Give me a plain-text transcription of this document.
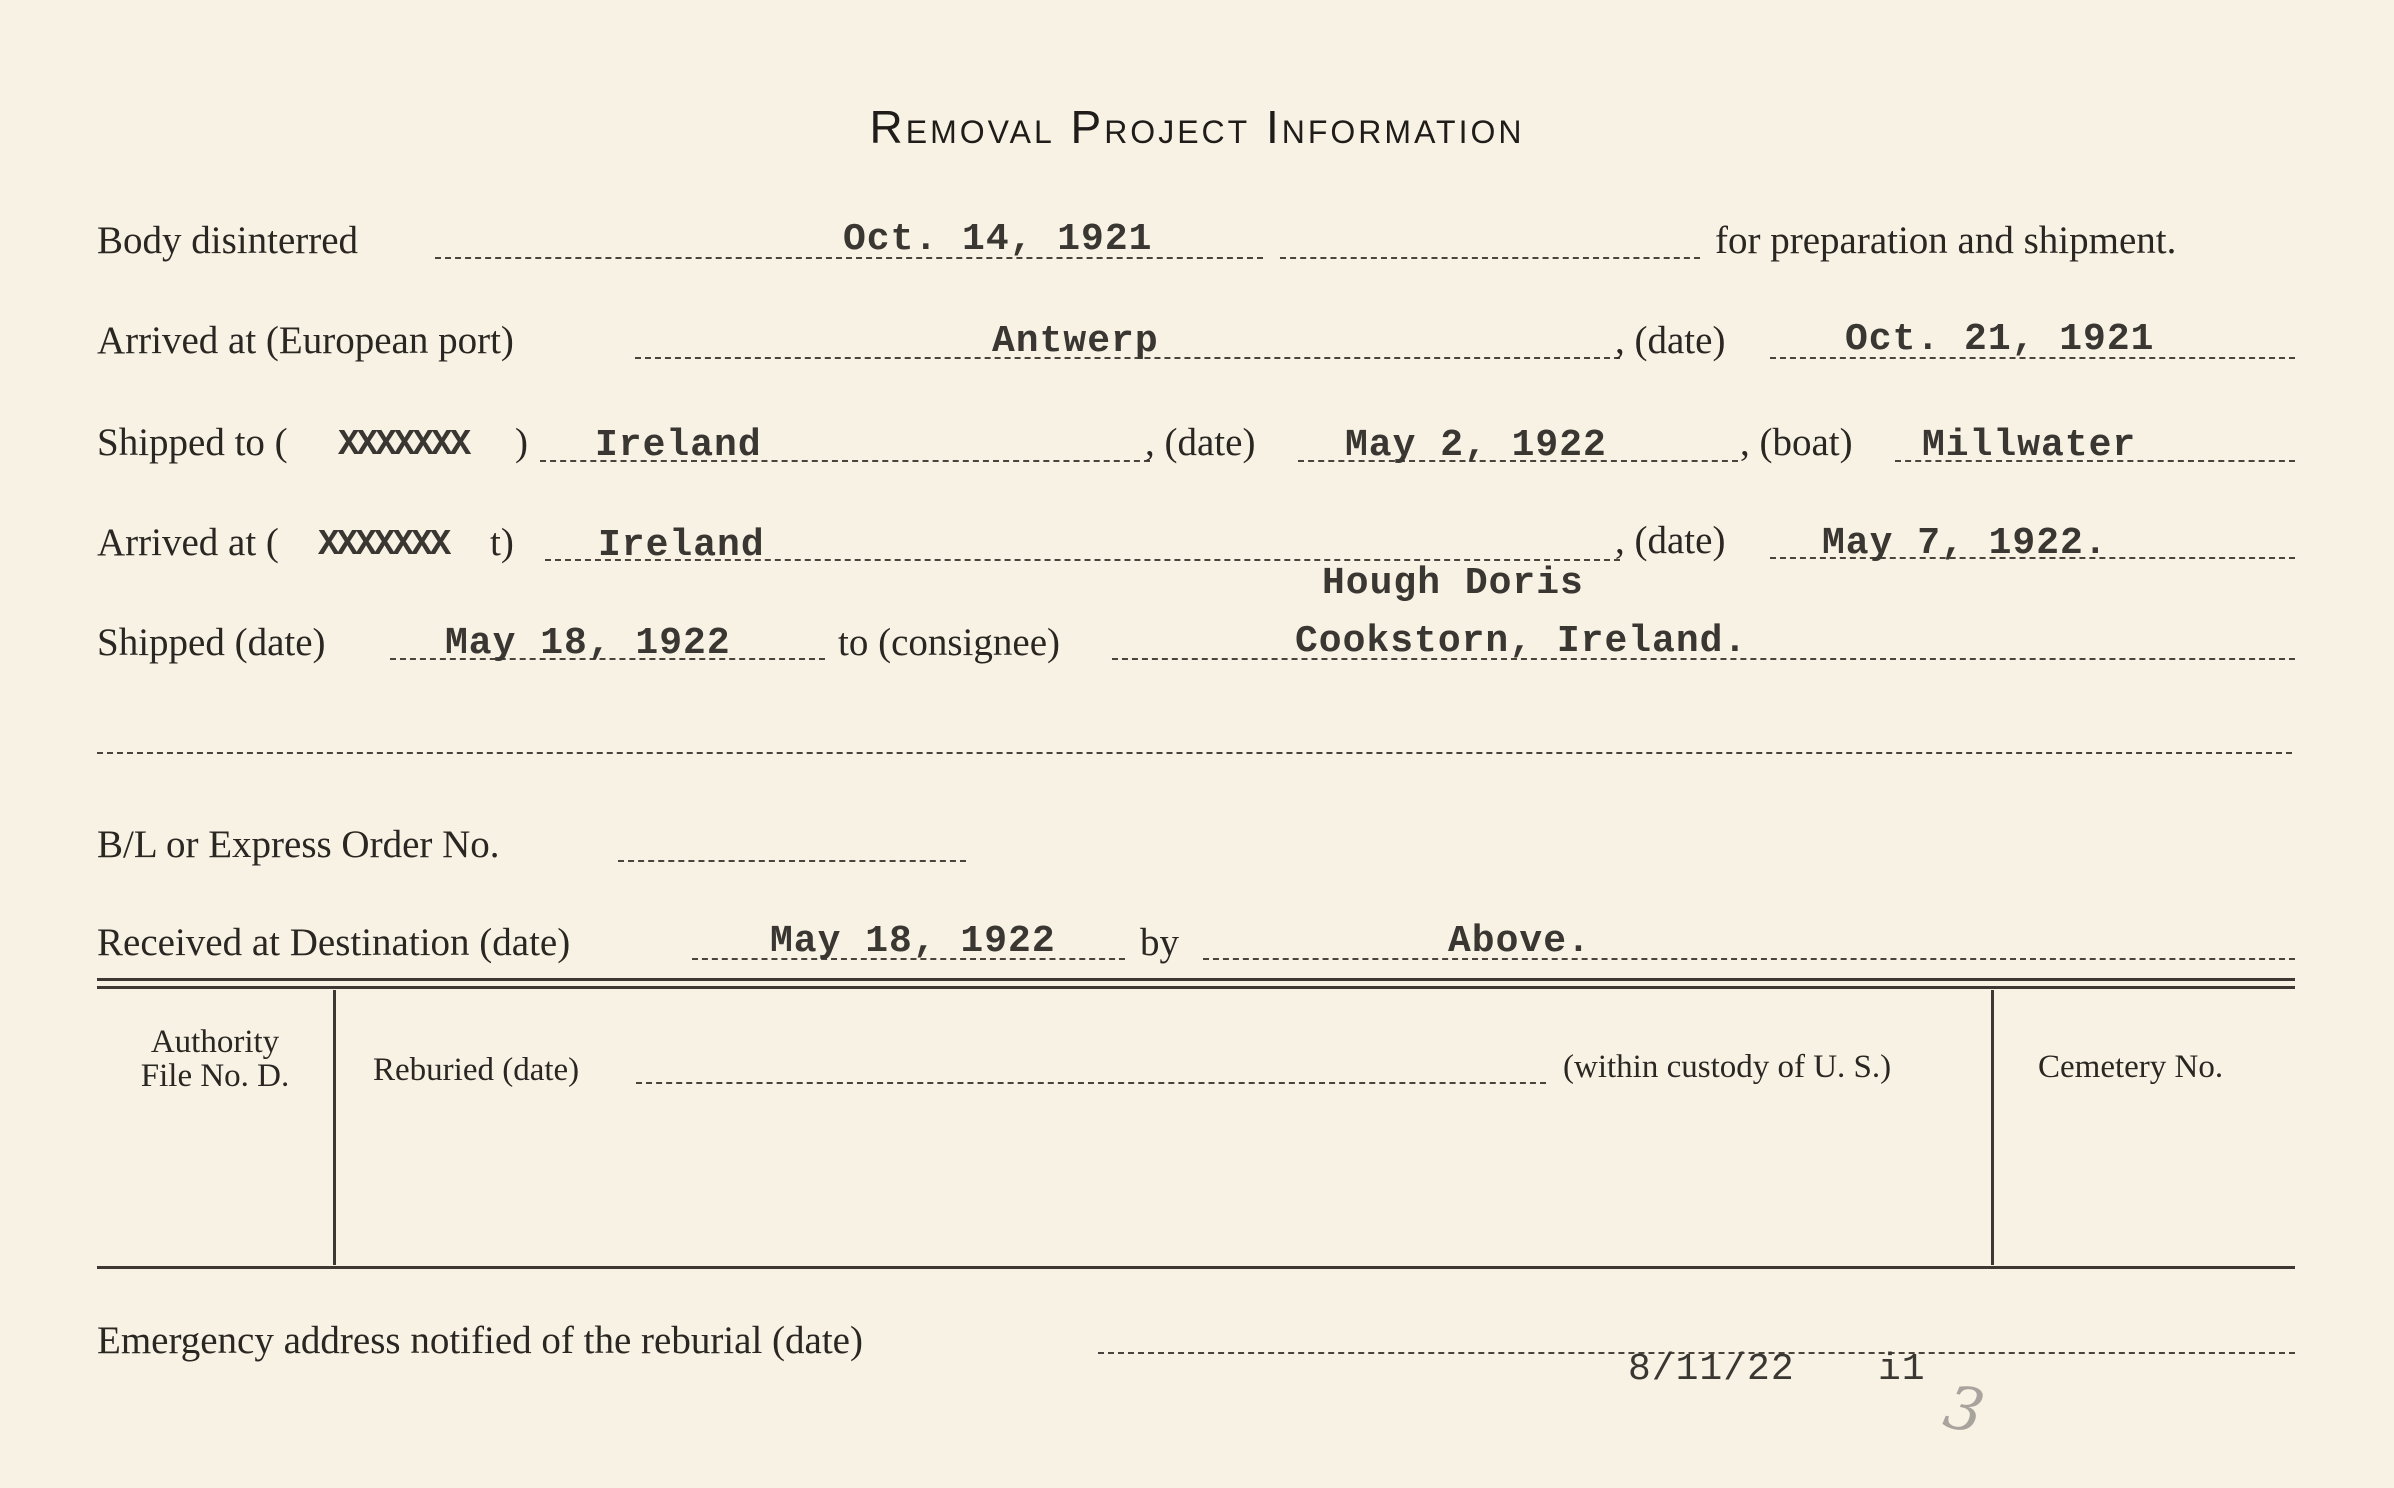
Removal Project Information
Body disinterred	Oct. 14, 1921	for preparation and shipment.
Arrived at (European port)	Antwerp	, (date)	Oct. 21, 1921
Shipped to ( XXXXXXX ) Ireland	, (date) May 2, 1922	, (boat) Millwater
Arrived at ( XXXXXXX t) Ireland	, (date)	May 7, 1922.
Hough Doris
Shipped (date)	May 18, 1922	to (consignee)	Cookstorn, Ireland.
B/L or Express Order No.
Received at Destination (date)	May 18, 1922 by	Above.
Authority
File No. D.	Reburied (date)	(within custody of U. S.)	Cemetery No.
Emergency address notified of the reburial (date)
8/11/22 i1
3
